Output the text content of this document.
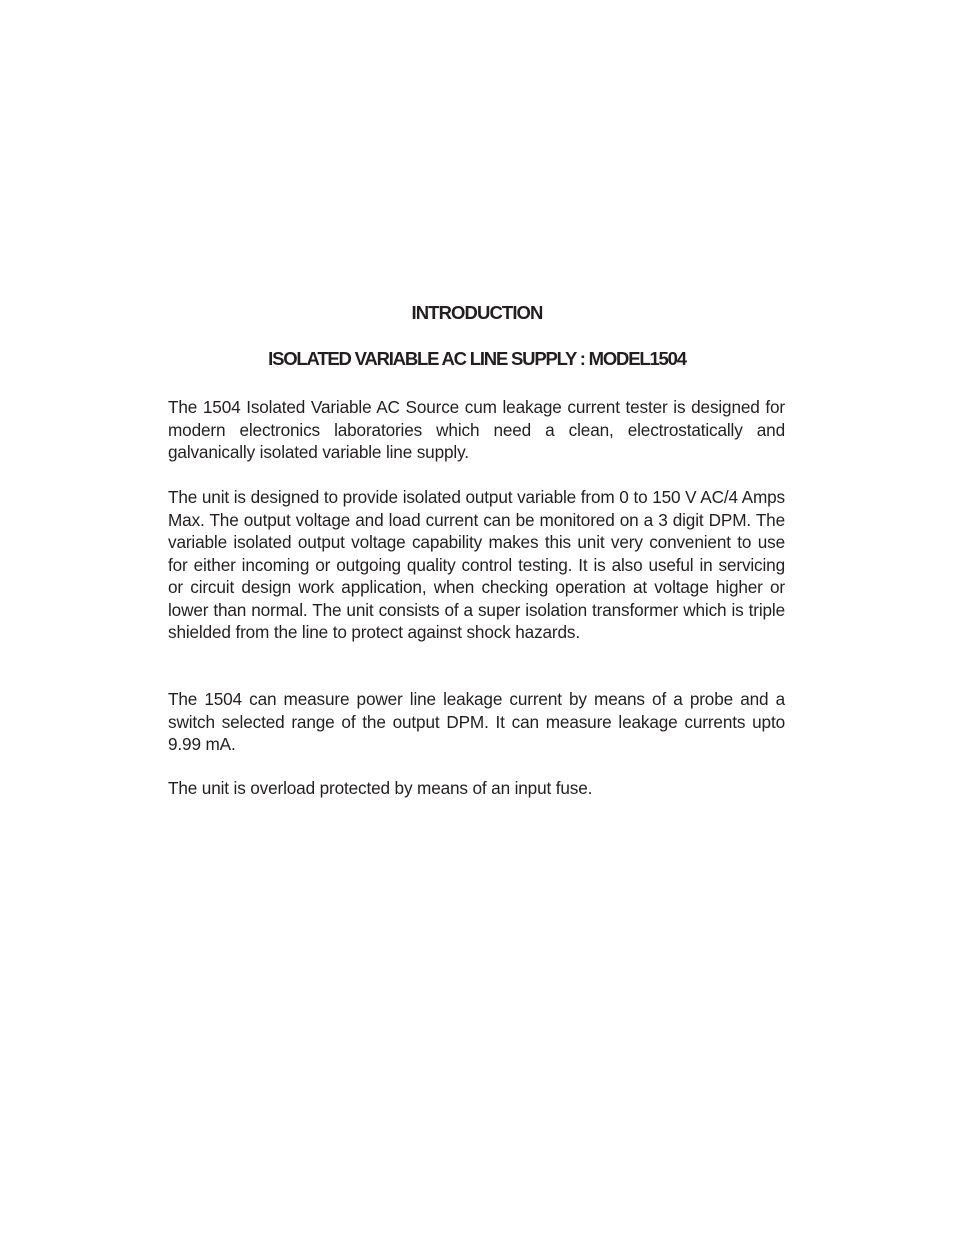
INTRODUCTION
ISOLATED VARIABLE AC LINE SUPPLY : MODEL1504

The 1504 Isolated Variable AC Source cum leakage current tester is designed for modern electronics laboratories which need a clean, electrostatically and galvanically isolated variable line supply.

The unit is designed to provide isolated output variable from 0 to 150 V AC/4 Amps Max. The output voltage and load current can be monitored on a 3 digit DPM. The variable isolated output voltage capability makes this unit very convenient to use for either incoming or outgoing quality control testing. It is also useful in servicing or circuit design work application, when checking operation at voltage higher or lower than normal. The unit consists of a super isolation transformer which is triple shielded from the line to protect against shock hazards.

The 1504 can measure power line leakage current by means of a probe and a switch selected range of the output DPM. It can measure leakage currents upto 9.99 mA.

The unit is overload protected by means of an input fuse.
